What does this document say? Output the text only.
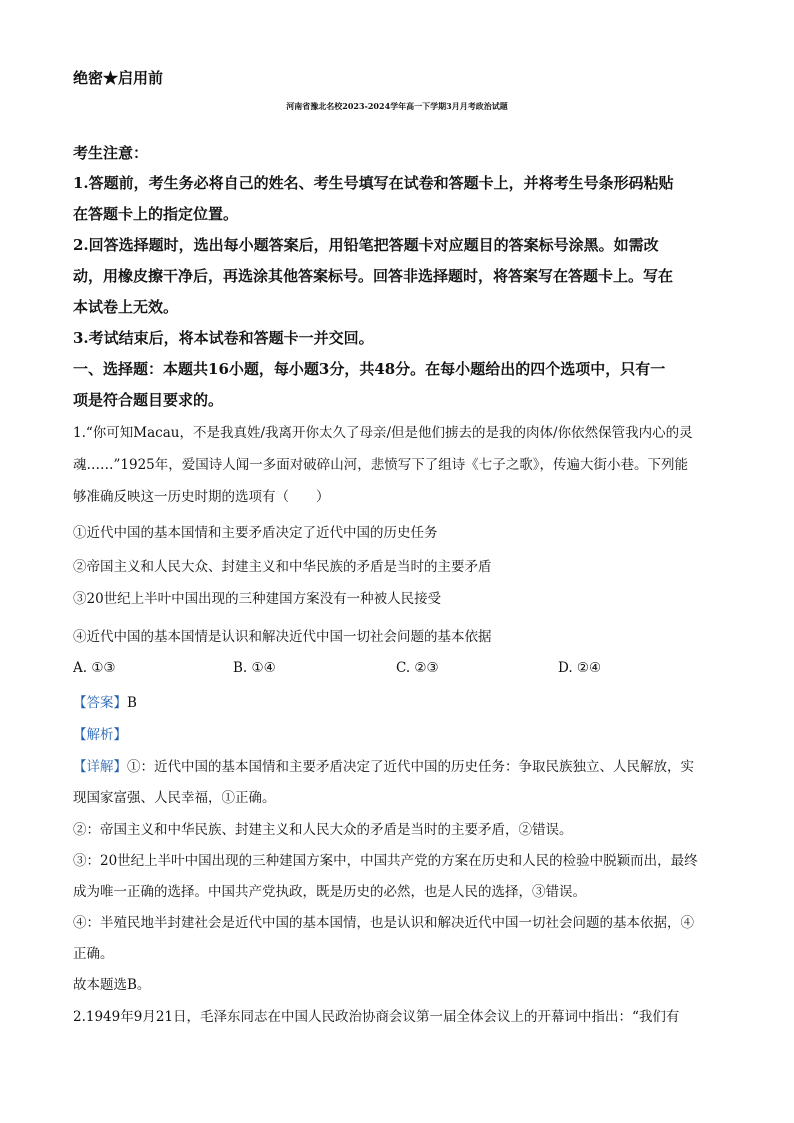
绝密★启用前
河南省豫北名校2023-2024学年高一下学期3月月考政治试题
考生注意：
1.答题前，考生务必将自己的姓名、考生号填写在试卷和答题卡上，并将考生号条形码粘贴
在答题卡上的指定位置。
2.回答选择题时，选出每小题答案后，用铅笔把答题卡对应题目的答案标号涂黑。如需改
动，用橡皮擦干净后，再选涂其他答案标号。回答非选择题时，将答案写在答题卡上。写在
本试卷上无效。
3.考试结束后，将本试卷和答题卡一并交回。
一、选择题：本题共16小题，每小题3分，共48分。在每小题给出的四个选项中，只有一
项是符合题目要求的。
1.“你可知Macau，不是我真姓/我离开你太久了母亲/但是他们掳去的是我的肉体/你依然保管我内心的灵
魂……”1925年，爱国诗人闻一多面对破碎山河，悲愤写下了组诗《七子之歌》，传遍大街小巷。下列能
够准确反映这一历史时期的选项有（　　）
①近代中国的基本国情和主要矛盾决定了近代中国的历史任务
②帝国主义和人民大众、封建主义和中华民族的矛盾是当时的主要矛盾
③20世纪上半叶中国出现的三种建国方案没有一种被人民接受
④近代中国的基本国情是认识和解决近代中国一切社会问题的基本依据
A. ①③	B. ①④	C. ②③	D. ②④
【答案】B
【解析】
【详解】①：近代中国的基本国情和主要矛盾决定了近代中国的历史任务：争取民族独立、人民解放，实
现国家富强、人民幸福，①正确。
②：帝国主义和中华民族、封建主义和人民大众的矛盾是当时的主要矛盾，②错误。
③：20世纪上半叶中国出现的三种建国方案中，中国共产党的方案在历史和人民的检验中脱颖而出，最终
成为唯一正确的选择。中国共产党执政，既是历史的必然，也是人民的选择，③错误。
④：半殖民地半封建社会是近代中国的基本国情，也是认识和解决近代中国一切社会问题的基本依据，④
正确。
故本题选B。
2.1949年9月21日，毛泽东同志在中国人民政治协商会议第一届全体会议上的开幕词中指出：“我们有
